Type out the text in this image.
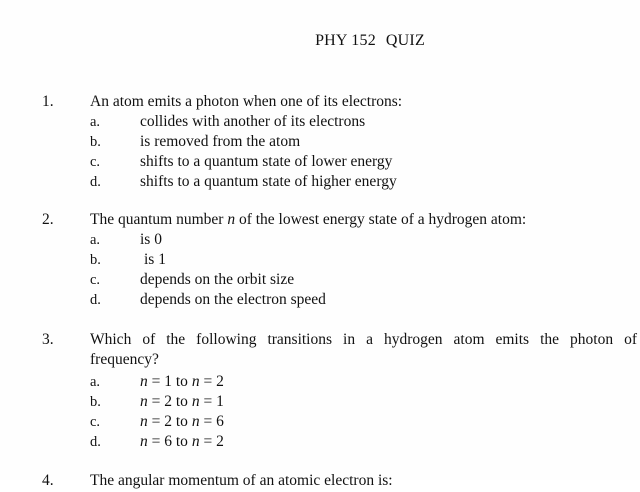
PHY 152 QUIZ
1. An atom emits a photon when one of its electrons:
a.	collides with another of its electrons
b.	is removed from the atom
c.	shifts to a quantum state of lower energy
d.	shifts to a quantum state of higher energy
2. The quantum number n of the lowest energy state of a hydrogen atom:
a.	is 0
b.	is 1
c.	depends on the orbit size
d.	depends on the electron speed
3. Which of the following transitions in a hydrogen atom emits the photon of
frequency?
a.	n = 1 to n = 2
b.	n = 2 to n = 1
c.	n = 2 to n = 6
d.	n = 6 to n = 2
4. The angular momentum of an atomic electron is:
